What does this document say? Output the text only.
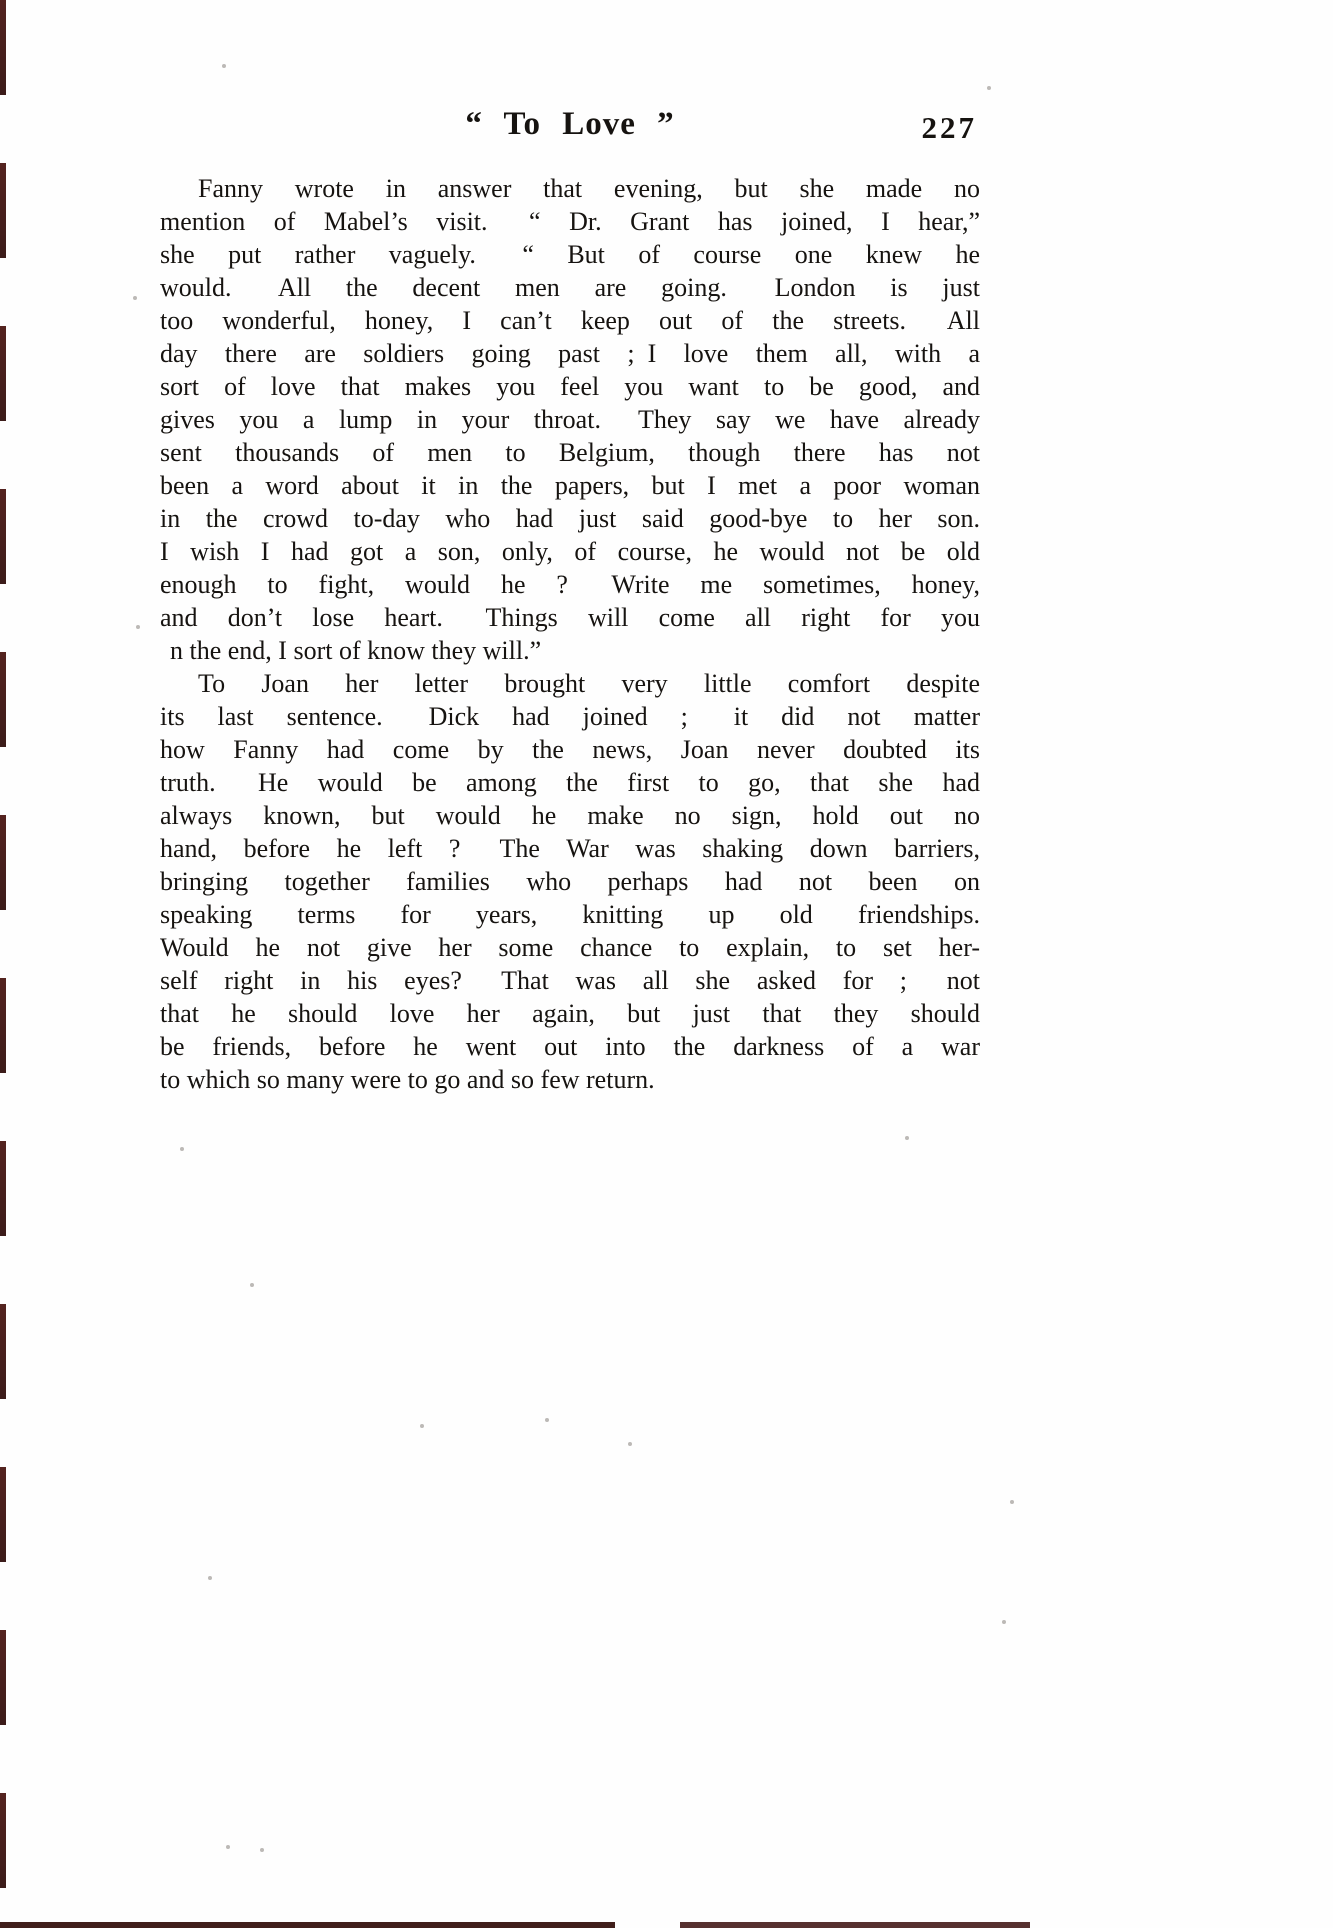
“ To Love ”	227
Fanny wrote in answer that evening, but she made no
mention of Mabel’s visit.  “ Dr. Grant has joined, I hear,”
she put rather vaguely.  “ But of course one knew he
would.  All the decent men are going.  London is just
too wonderful, honey, I can’t keep out of the streets.  All
day there are soldiers going past ; I love them all, with a
sort of love that makes you feel you want to be good, and
gives you a lump in your throat.  They say we have already
sent thousands of men to Belgium, though there has not
been a word about it in the papers, but I met a poor woman
in the crowd to-day who had just said good-bye to her son.
I wish I had got a son, only, of course, he would not be old
enough to fight, would he ?  Write me sometimes, honey,
and don’t lose heart.  Things will come all right for you
n the end, I sort of know they will.”
To Joan her letter brought very little comfort despite
its last sentence.  Dick had joined ;  it did not matter
how Fanny had come by the news, Joan never doubted its
truth.  He would be among the first to go, that she had
always known, but would he make no sign, hold out no
hand, before he left ?  The War was shaking down barriers,
bringing together families who perhaps had not been on
speaking terms for years, knitting up old friendships.
Would he not give her some chance to explain, to set her-
self right in his eyes?  That was all she asked for ;  not
that he should love her again, but just that they should
be friends, before he went out into the darkness of a war
to which so many were to go and so few return.
